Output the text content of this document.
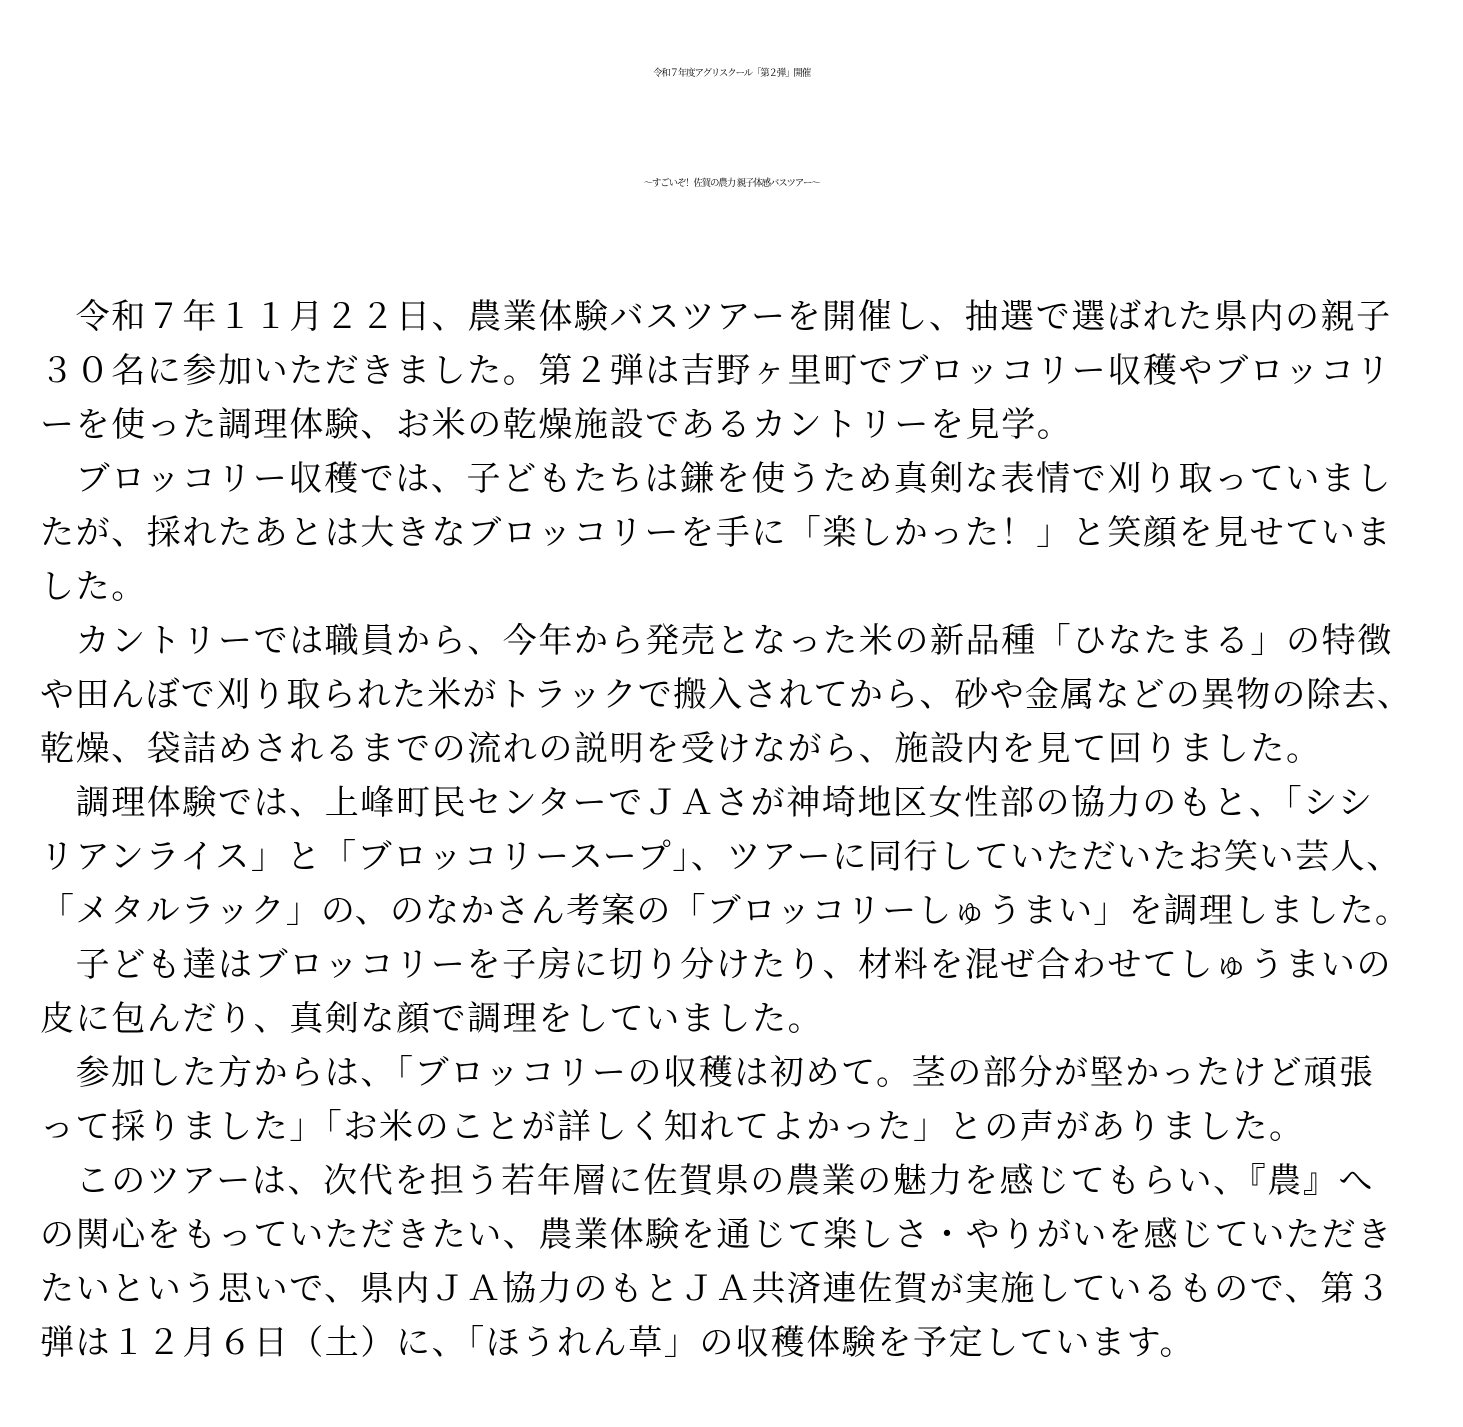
令和７年度アグリスクール「第２弾」開催
～すごいぞ！佐賀の農力 親子体感バスツアー～
　令和７年１１月２２日、農業体験バスツアーを開催し、抽選で選ばれた県内の親子
３０名に参加いただきました。第２弾は吉野ヶ里町でブロッコリー収穫やブロッコリ
ーを使った調理体験、お米の乾燥施設であるカントリーを見学。
　ブロッコリー収穫では、子どもたちは鎌を使うため真剣な表情で刈り取っていまし
たが、採れたあとは大きなブロッコリーを手に「楽しかった！」と笑顔を見せていま
した。
　カントリーでは職員から、今年から発売となった米の新品種「ひなたまる」の特徴
や田んぼで刈り取られた米がトラックで搬入されてから、砂や金属などの異物の除去、
乾燥、袋詰めされるまでの流れの説明を受けながら、施設内を見て回りました。
　調理体験では、上峰町民センターでＪＡさが神埼地区女性部の協力のもと、「シシ
リアンライス」と「ブロッコリースープ」、ツアーに同行していただいたお笑い芸人、
「メタルラック」の、のなかさん考案の「ブロッコリーしゅうまい」を調理しました。
　子ども達はブロッコリーを子房に切り分けたり、材料を混ぜ合わせてしゅうまいの
皮に包んだり、真剣な顔で調理をしていました。
　参加した方からは、「ブロッコリーの収穫は初めて。茎の部分が堅かったけど頑張
って採りました」「お米のことが詳しく知れてよかった」との声がありました。
　このツアーは、次代を担う若年層に佐賀県の農業の魅力を感じてもらい、『農』へ
の関心をもっていただきたい、農業体験を通じて楽しさ・やりがいを感じていただき
たいという思いで、県内ＪＡ協力のもとＪＡ共済連佐賀が実施しているもので、第３
弾は１２月６日（土）に、「ほうれん草」の収穫体験を予定しています。
